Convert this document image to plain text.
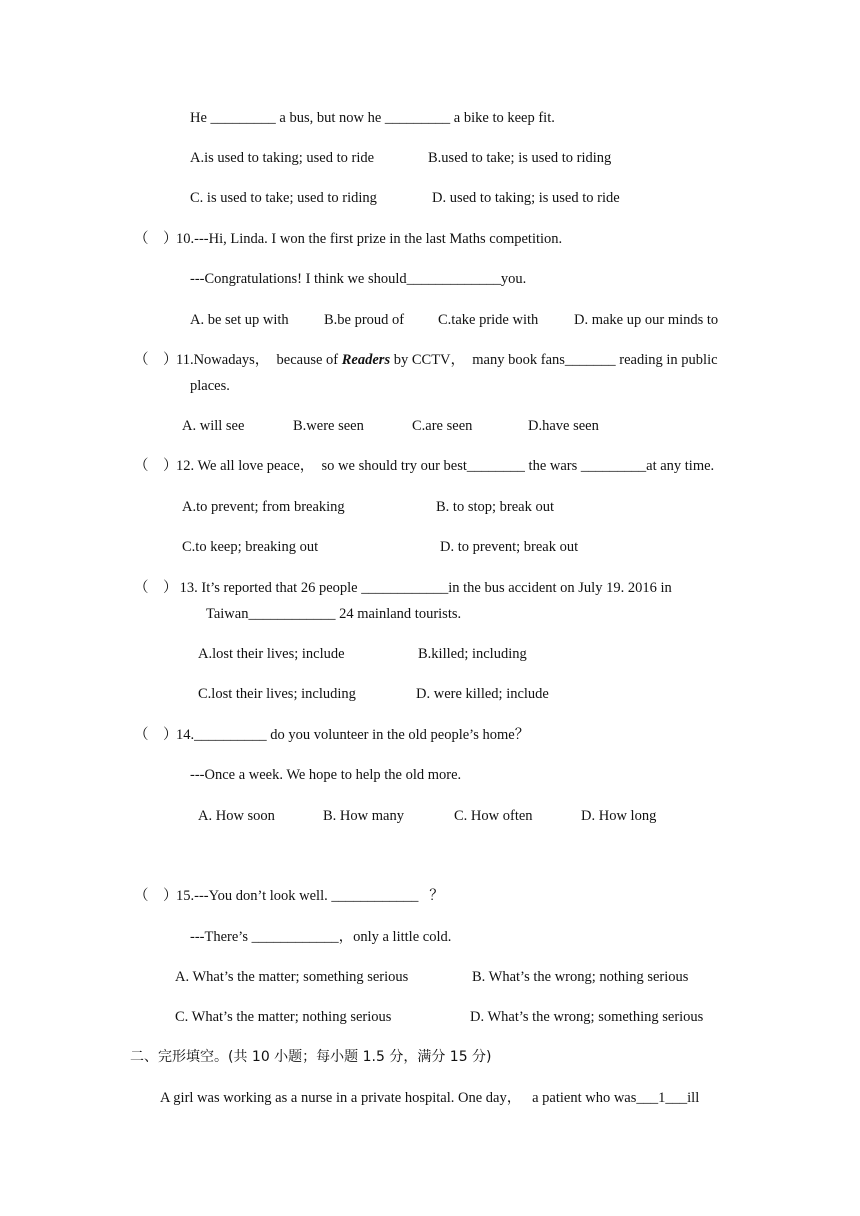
He _________ a bus, but now he _________ a bike to keep fit.
A.is used to taking; used to ride	B.used to take; is used to riding
C. is used to take; used to riding	D. used to taking; is used to ride
（    ）
10.---Hi, Linda. I won the first prize in the last Maths competition.
---Congratulations! I think we should_____________you.
A. be set up with B.be proud of C.take pride with D. make up our minds to
（    ）
11.Nowadays，  because of Readers by CCTV，  many book fans_______ reading in public
places.
A. will see	B.were seen	C.are seen	D.have seen
（    ）
12. We all love peace，  so we should try our best________ the wars _________at any time.
A.to prevent; from breaking	B. to stop; break out
C.to keep; breaking out	D. to prevent; break out
（    ）
13. It’s reported that 26 people ____________in the bus accident on July 19. 2016 in
Taiwan____________ 24 mainland tourists.
A.lost their lives; include	B.killed; including
C.lost their lives; including	D. were killed; include
（    ）
14.__________ do you volunteer in the old people’s home？
---Once a week. We hope to help the old more.
A. How soon	B. How many	C. How often	D. How long
（    ）
15.---You don’t look well. ____________   ？
---There’s ____________，only a little cold.
A. What’s the matter; something serious	B. What’s the wrong; nothing serious
C. What’s the matter; nothing serious	D. What’s the wrong; something serious
二、完形填空。(共 10 小题；每小题 1.5 分，满分 15 分)
A girl was working as a nurse in a private hospital. One day，   a patient who was___1___ill
